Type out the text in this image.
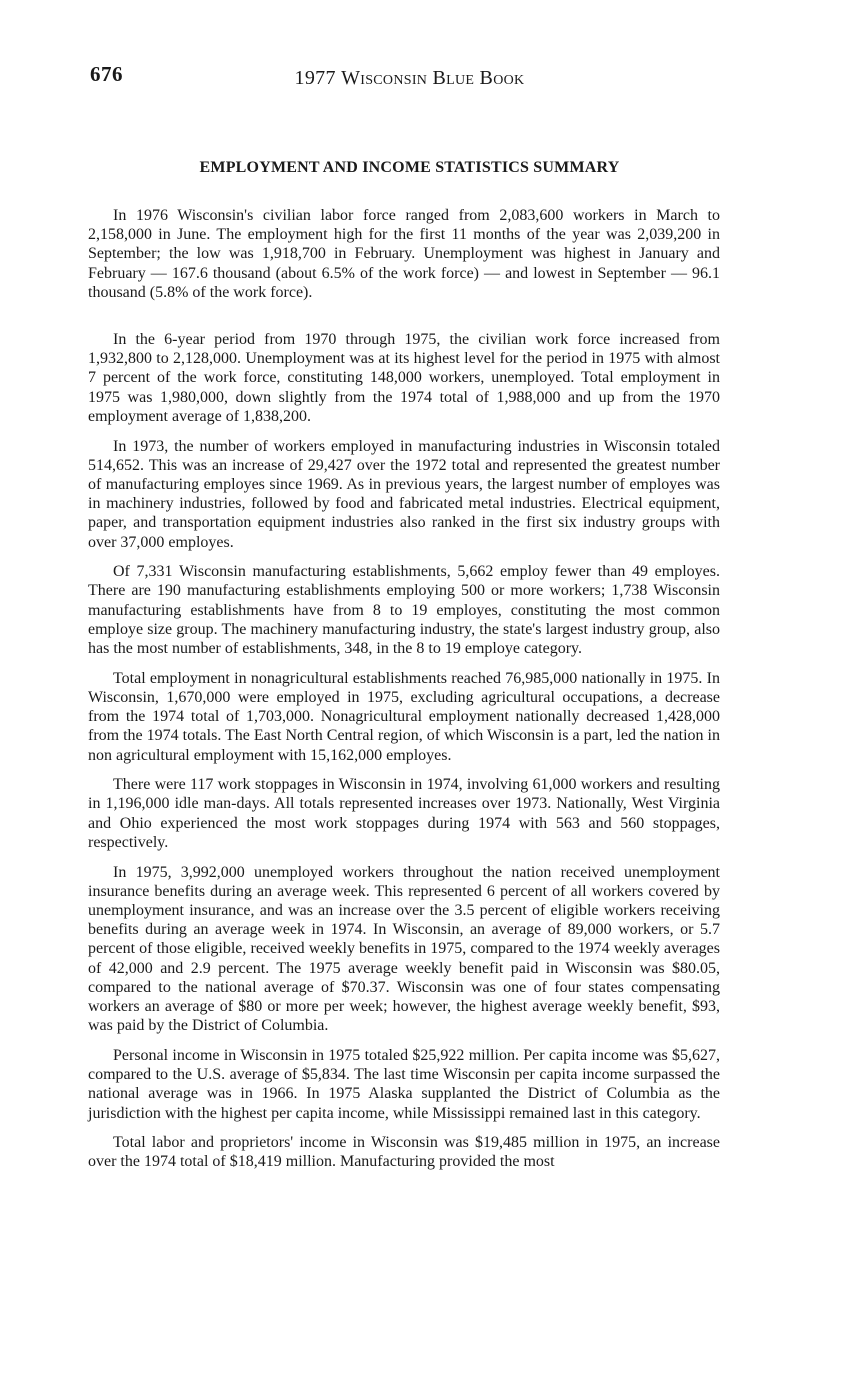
676	1977 Wisconsin Blue Book
EMPLOYMENT AND INCOME STATISTICS SUMMARY

In 1976 Wisconsin's civilian labor force ranged from 2,083,600 workers in March to 2,158,000 in June. The employment high for the first 11 months of the year was 2,039,200 in September; the low was 1,918,700 in February. Unemployment was highest in January and February — 167.6 thousand (about 6.5% of the work force) — and lowest in September — 96.1 thousand (5.8% of the work force).

In the 6-year period from 1970 through 1975, the civilian work force increased from 1,932,800 to 2,128,000. Unemployment was at its highest level for the period in 1975 with almost 7 percent of the work force, constituting 148,000 workers, unemployed. Total employment in 1975 was 1,980,000, down slightly from the 1974 total of 1,988,000 and up from the 1970 employment average of 1,838,200.

In 1973, the number of workers employed in manufacturing industries in Wisconsin totaled 514,652. This was an increase of 29,427 over the 1972 total and represented the greatest number of manufacturing employes since 1969. As in previous years, the largest number of employes was in machinery industries, followed by food and fabricated metal industries. Electrical equipment, paper, and transportation equipment industries also ranked in the first six industry groups with over 37,000 employes.

Of 7,331 Wisconsin manufacturing establishments, 5,662 employ fewer than 49 employes. There are 190 manufacturing establishments employing 500 or more workers; 1,738 Wisconsin manufacturing establishments have from 8 to 19 employes, constituting the most common employe size group. The machinery manufacturing industry, the state's largest industry group, also has the most number of establishments, 348, in the 8 to 19 employe category.

Total employment in nonagricultural establishments reached 76,985,000 nationally in 1975. In Wisconsin, 1,670,000 were employed in 1975, excluding agricultural occupations, a decrease from the 1974 total of 1,703,000. Nonagricultural employment nationally decreased 1,428,000 from the 1974 totals. The East North Central region, of which Wisconsin is a part, led the nation in non agricultural employment with 15,162,000 employes.

There were 117 work stoppages in Wisconsin in 1974, involving 61,000 workers and resulting in 1,196,000 idle man-days. All totals represented increases over 1973. Nationally, West Virginia and Ohio experienced the most work stoppages during 1974 with 563 and 560 stoppages, respectively.

In 1975, 3,992,000 unemployed workers throughout the nation received unemployment insurance benefits during an average week. This represented 6 percent of all workers covered by unemployment insurance, and was an increase over the 3.5 percent of eligible workers receiving benefits during an average week in 1974. In Wisconsin, an average of 89,000 workers, or 5.7 percent of those eligible, received weekly benefits in 1975, compared to the 1974 weekly averages of 42,000 and 2.9 percent. The 1975 average weekly benefit paid in Wisconsin was $80.05, compared to the national average of $70.37. Wisconsin was one of four states compensating workers an average of $80 or more per week; however, the highest average weekly benefit, $93, was paid by the District of Columbia.

Personal income in Wisconsin in 1975 totaled $25,922 million. Per capita income was $5,627, compared to the U.S. average of $5,834. The last time Wisconsin per capita income surpassed the national average was in 1966. In 1975 Alaska supplanted the District of Columbia as the jurisdiction with the highest per capita income, while Mississippi remained last in this category.

Total labor and proprietors' income in Wisconsin was $19,485 million in 1975, an increase over the 1974 total of $18,419 million. Manufacturing provided the most
